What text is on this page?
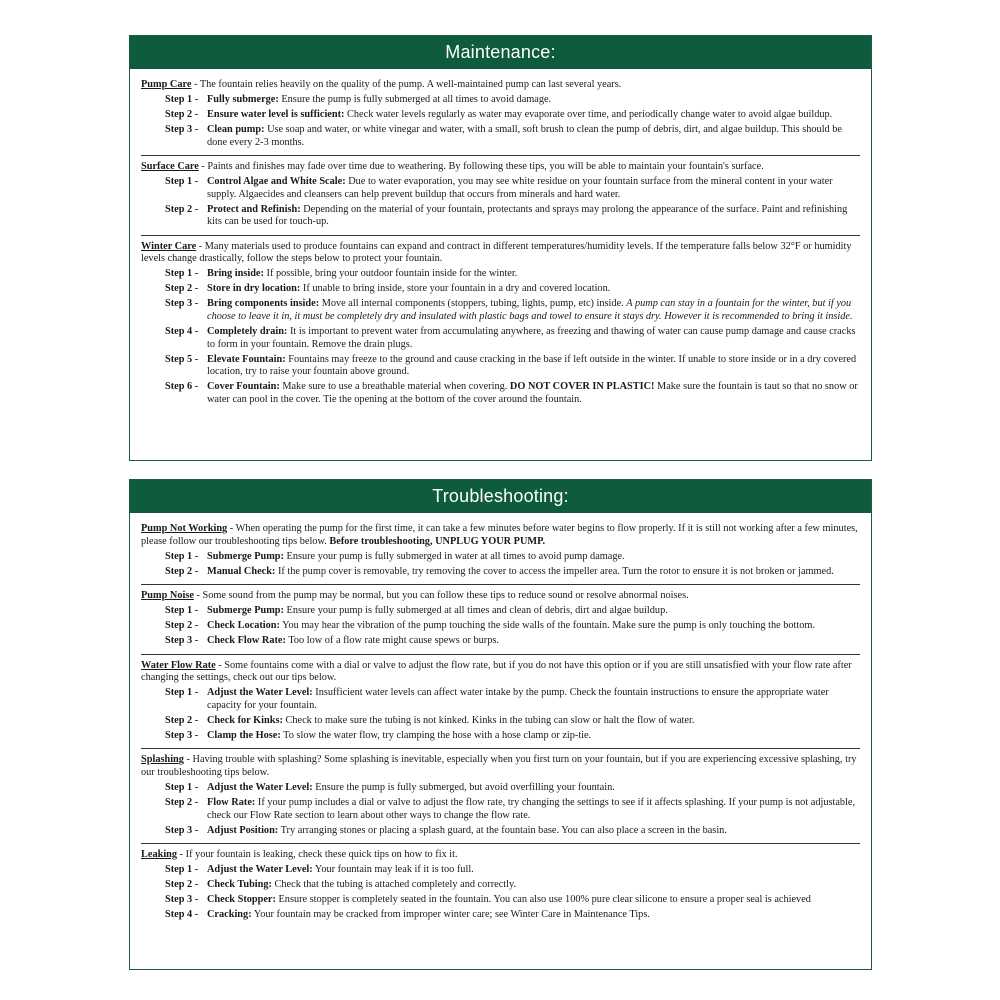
Maintenance:
Pump Care - The fountain relies heavily on the quality of the pump. A well-maintained pump can last several years.
Step 1 - Fully submerge: Ensure the pump is fully submerged at all times to avoid damage.
Step 2 - Ensure water level is sufficient: Check water levels regularly as water may evaporate over time, and periodically change water to avoid algae buildup.
Step 3 - Clean pump: Use soap and water, or white vinegar and water, with a small, soft brush to clean the pump of debris, dirt, and algae buildup. This should be done every 2-3 months.
Surface Care - Paints and finishes may fade over time due to weathering. By following these tips, you will be able to maintain your fountain's surface.
Step 1 - Control Algae and White Scale: Due to water evaporation, you may see white residue on your fountain surface from the mineral content in your water supply. Algaecides and cleansers can help prevent buildup that occurs from minerals and hard water.
Step 2 - Protect and Refinish: Depending on the material of your fountain, protectants and sprays may prolong the appearance of the surface. Paint and refinishing kits can be used for touch-up.
Winter Care - Many materials used to produce fountains can expand and contract in different temperatures/humidity levels. If the temperature falls below 32°F or humidity levels change drastically, follow the steps below to protect your fountain.
Step 1 - Bring inside: If possible, bring your outdoor fountain inside for the winter.
Step 2 - Store in dry location: If unable to bring inside, store your fountain in a dry and covered location.
Step 3 - Bring components inside: Move all internal components (stoppers, tubing, lights, pump, etc) inside. A pump can stay in a fountain for the winter, but if you choose to leave it in, it must be completely dry and insulated with plastic bags and towel to ensure it stays dry. However it is recommended to bring it inside.
Step 4 - Completely drain: It is important to prevent water from accumulating anywhere, as freezing and thawing of water can cause pump damage and cause cracks to form in your fountain. Remove the drain plugs.
Step 5 - Elevate Fountain: Fountains may freeze to the ground and cause cracking in the base if left outside in the winter. If unable to store inside or in a dry covered location, try to raise your fountain above ground.
Step 6 - Cover Fountain: Make sure to use a breathable material when covering. DO NOT COVER IN PLASTIC! Make sure the fountain is taut so that no snow or water can pool in the cover. Tie the opening at the bottom of the cover around the fountain.
Troubleshooting:
Pump Not Working - When operating the pump for the first time, it can take a few minutes before water begins to flow properly. If it is still not working after a few minutes, please follow our troubleshooting tips below. Before troubleshooting, UNPLUG YOUR PUMP.
Step 1 - Submerge Pump: Ensure your pump is fully submerged in water at all times to avoid pump damage.
Step 2 - Manual Check: If the pump cover is removable, try removing the cover to access the impeller area. Turn the rotor to ensure it is not broken or jammed.
Pump Noise - Some sound from the pump may be normal, but you can follow these tips to reduce sound or resolve abnormal noises.
Step 1 - Submerge Pump: Ensure your pump is fully submerged at all times and clean of debris, dirt and algae buildup.
Step 2 - Check Location: You may hear the vibration of the pump touching the side walls of the fountain. Make sure the pump is only touching the bottom.
Step 3 - Check Flow Rate: Too low of a flow rate might cause spews or burps.
Water Flow Rate - Some fountains come with a dial or valve to adjust the flow rate, but if you do not have this option or if you are still unsatisfied with your flow rate after changing the settings, check out our tips below.
Step 1 - Adjust the Water Level: Insufficient water levels can affect water intake by the pump. Check the fountain instructions to ensure the appropriate water capacity for your fountain.
Step 2 - Check for Kinks: Check to make sure the tubing is not kinked. Kinks in the tubing can slow or halt the flow of water.
Step 3 - Clamp the Hose: To slow the water flow, try clamping the hose with a hose clamp or zip-tie.
Splashing - Having trouble with splashing? Some splashing is inevitable, especially when you first turn on your fountain, but if you are experiencing excessive splashing, try our troubleshooting tips below.
Step 1 - Adjust the Water Level: Ensure the pump is fully submerged, but avoid overfilling your fountain.
Step 2 - Flow Rate: If your pump includes a dial or valve to adjust the flow rate, try changing the settings to see if it affects splashing. If your pump is not adjustable, check our Flow Rate section to learn about other ways to change the flow rate.
Step 3 - Adjust Position: Try arranging stones or placing a splash guard, at the fountain base. You can also place a screen in the basin.
Leaking - If your fountain is leaking, check these quick tips on how to fix it.
Step 1 - Adjust the Water Level: Your fountain may leak if it is too full.
Step 2 - Check Tubing: Check that the tubing is attached completely and correctly.
Step 3 - Check Stopper: Ensure stopper is completely seated in the fountain. You can also use 100% pure clear silicone to ensure a proper seal is achieved
Step 4 - Cracking: Your fountain may be cracked from improper winter care; see Winter Care in Maintenance Tips.
